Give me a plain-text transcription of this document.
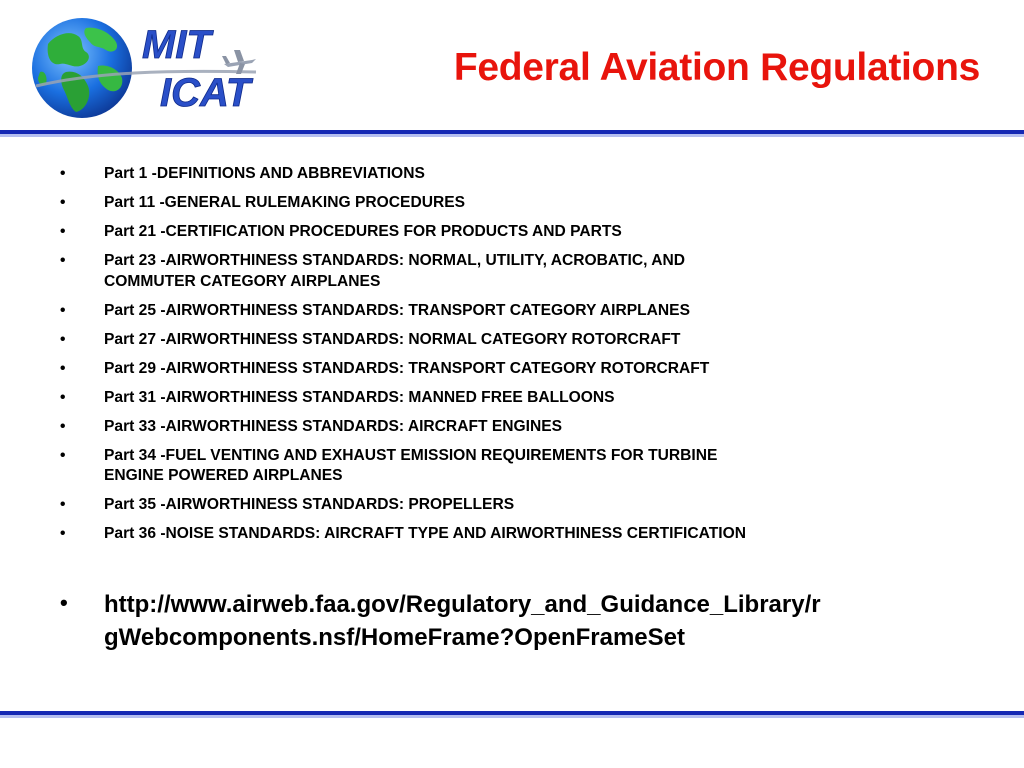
MIT
ICAT
Federal Aviation Regulations
•	Part 1 -DEFINITIONS AND ABBREVIATIONS
•	Part 11 -GENERAL RULEMAKING PROCEDURES
•	Part 21 -CERTIFICATION PROCEDURES FOR PRODUCTS AND PARTS
•	Part 23 -AIRWORTHINESS STANDARDS: NORMAL, UTILITY, ACROBATIC, AND
COMMUTER CATEGORY AIRPLANES
•	Part 25 -AIRWORTHINESS STANDARDS: TRANSPORT CATEGORY AIRPLANES
•	Part 27 -AIRWORTHINESS STANDARDS: NORMAL CATEGORY ROTORCRAFT
•	Part 29 -AIRWORTHINESS STANDARDS: TRANSPORT CATEGORY ROTORCRAFT
•	Part 31 -AIRWORTHINESS STANDARDS: MANNED FREE BALLOONS
•	Part 33 -AIRWORTHINESS STANDARDS: AIRCRAFT ENGINES
•	Part 34 -FUEL VENTING AND EXHAUST EMISSION REQUIREMENTS FOR TURBINE
ENGINE POWERED AIRPLANES
•	Part 35 -AIRWORTHINESS STANDARDS: PROPELLERS
•	Part 36 -NOISE STANDARDS: AIRCRAFT TYPE AND AIRWORTHINESS CERTIFICATION
• http://www.airweb.faa.gov/Regulatory_and_Guidance_Library/r
gWebcomponents.nsf/HomeFrame?OpenFrameSet
